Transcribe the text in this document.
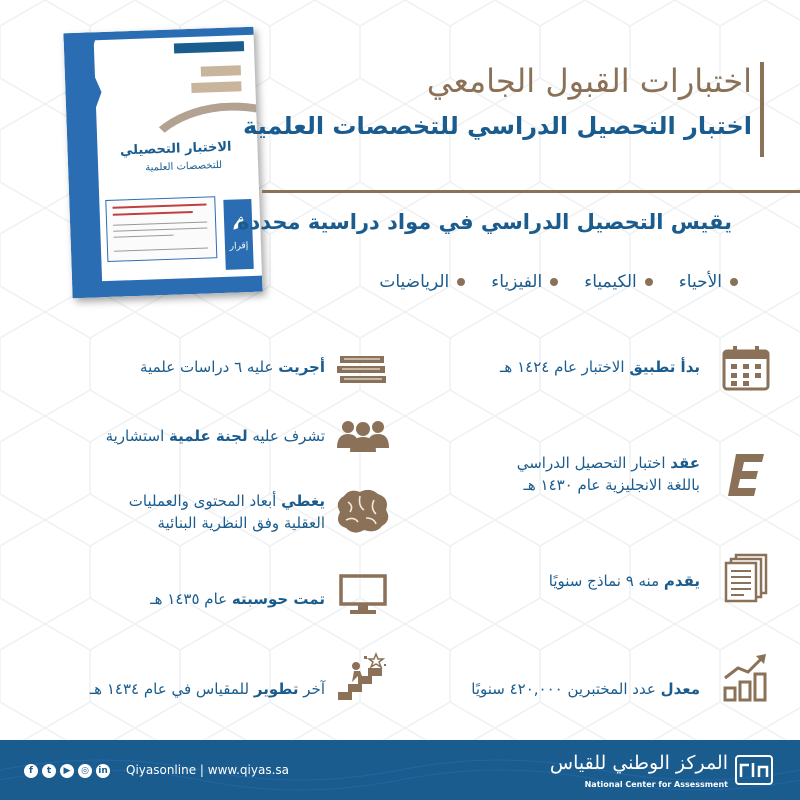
الاختبار التحصيلي
للتخصصات العلمية
إقرار
اختبارات القبول الجامعي
اختبار التحصيل الدراسي للتخصصات العلمية
يقيس التحصيل الدراسي في مواد دراسية محددة
الأحياء
الكيمياء
الفيزياء
الرياضيات
بدأ تطبيق الاختبار عام ١٤٢٤ هـ
عقد اختبار التحصيل الدراسي
باللغة الانجليزية عام ١٤٣٠ هـ
يقدم منه ٩ نماذج سنويًا
معدل عدد المختبرين ٤٢٠,٠٠٠ سنويًا
أجريت عليه ٦ دراسات علمية
تشرف عليه لجنة علمية استشارية
يغطي أبعاد المحتوى والعمليات
العقلية وفق النظرية البنائية
تمت حوسبته عام ١٤٣٥ هـ
آخر تطوير للمقياس في عام ١٤٣٤ هـ
f	t	▶	◎	in Qiyasonline | www.qiyas.sa	المركز الوطني للقياس
National Center for Assessment
